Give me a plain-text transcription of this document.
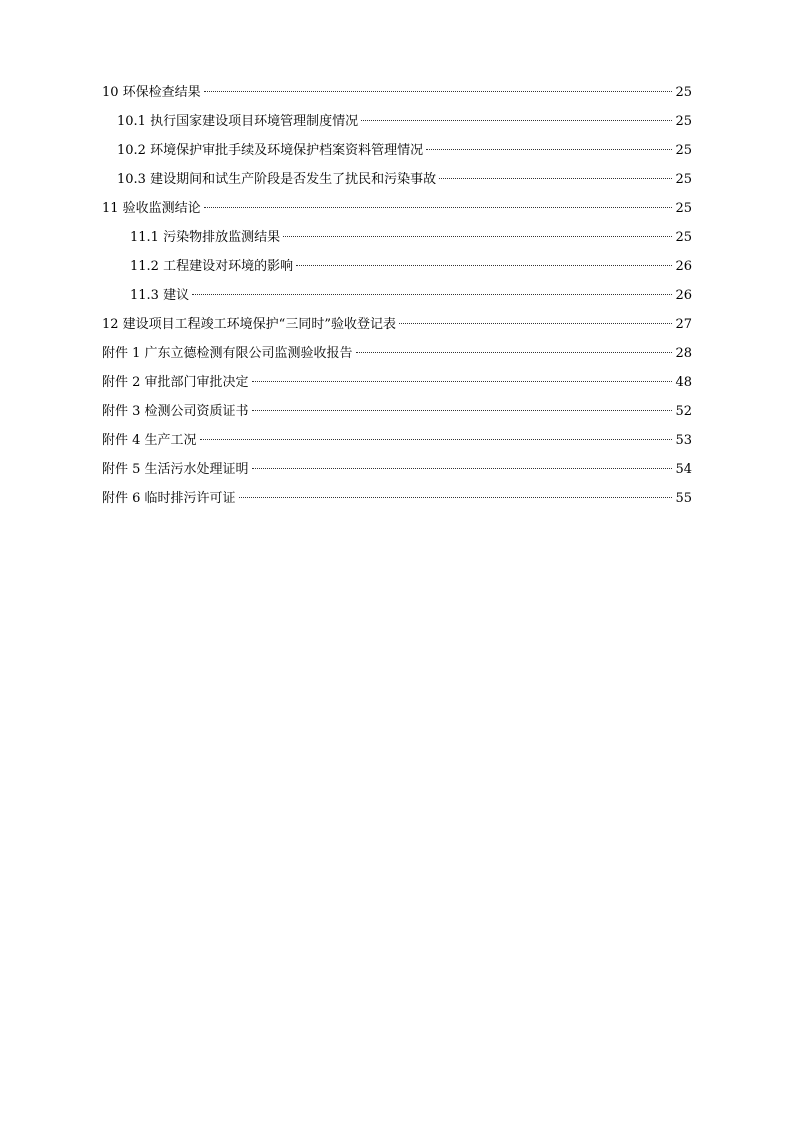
10 环保检查结果	25
10.1 执行国家建设项目环境管理制度情况	25
10.2 环境保护审批手续及环境保护档案资料管理情况	25
10.3 建设期间和试生产阶段是否发生了扰民和污染事故	25
11 验收监测结论	25
11.1 污染物排放监测结果	25
11.2 工程建设对环境的影响	26
11.3 建议	26
12 建设项目工程竣工环境保护“三同时”验收登记表	27
附件 1 广东立德检测有限公司监测验收报告	28
附件 2 审批部门审批决定	48
附件 3 检测公司资质证书	52
附件 4 生产工况	53
附件 5 生活污水处理证明	54
附件 6 临时排污许可证	55
